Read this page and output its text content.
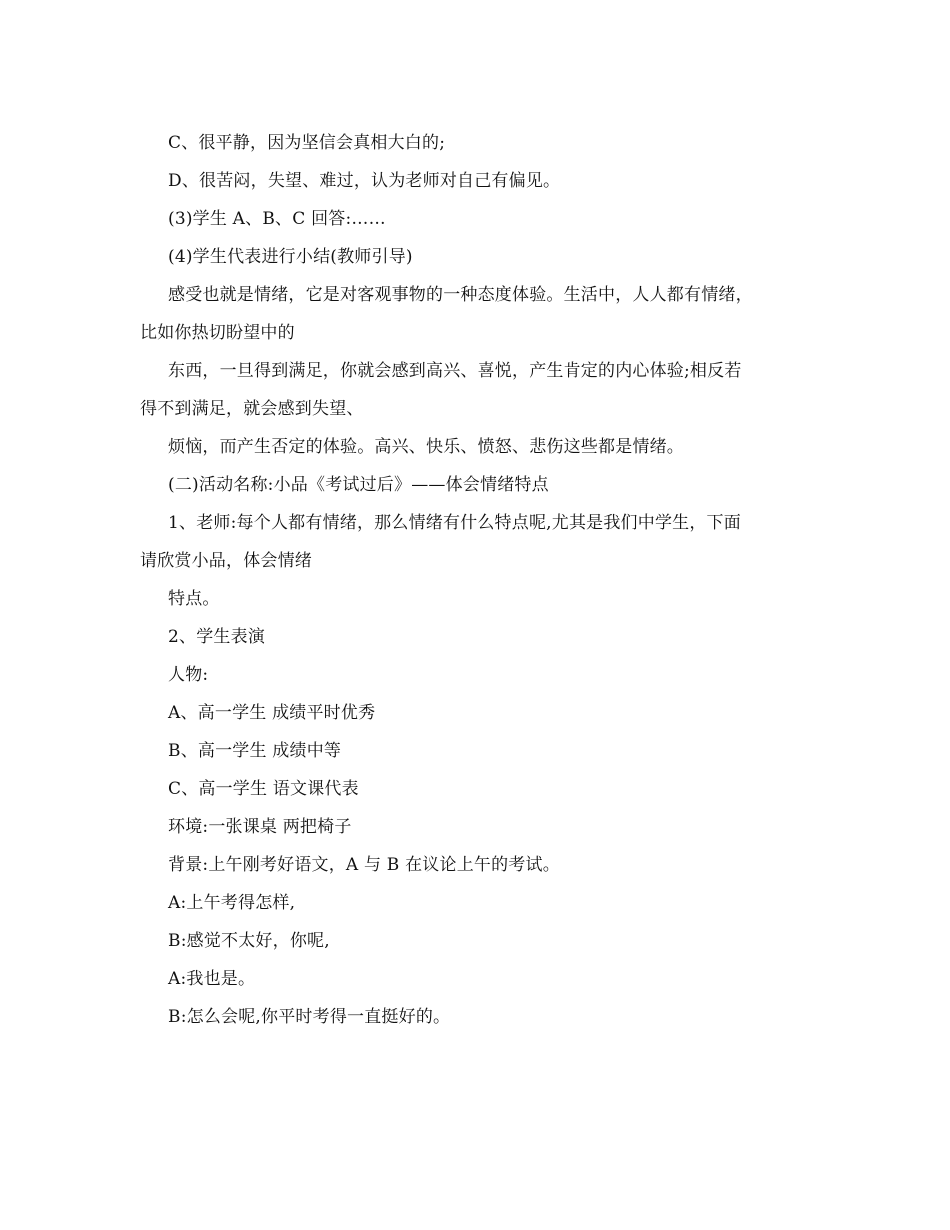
C、很平静，因为坚信会真相大白的;

D、很苦闷，失望、难过，认为老师对自己有偏见。

(3)学生 A、B、C 回答:……

(4)学生代表进行小结(教师引导)

感受也就是情绪，它是对客观事物的一种态度体验。生活中，人人都有情绪，

比如你热切盼望中的

东西，一旦得到满足，你就会感到高兴、喜悦，产生肯定的内心体验;相反若

得不到满足，就会感到失望、

烦恼，而产生否定的体验。高兴、快乐、愤怒、悲伤这些都是情绪。

(二)活动名称:小品《考试过后》——体会情绪特点

1、老师:每个人都有情绪，那么情绪有什么特点呢,尤其是我们中学生，下面

请欣赏小品，体会情绪

特点。

2、学生表演

人物:

A、高一学生 成绩平时优秀

B、高一学生 成绩中等

C、高一学生 语文课代表

环境:一张课桌 两把椅子

背景:上午刚考好语文，A 与 B 在议论上午的考试。

A:上午考得怎样,

B:感觉不太好，你呢,

A:我也是。

B:怎么会呢,你平时考得一直挺好的。
